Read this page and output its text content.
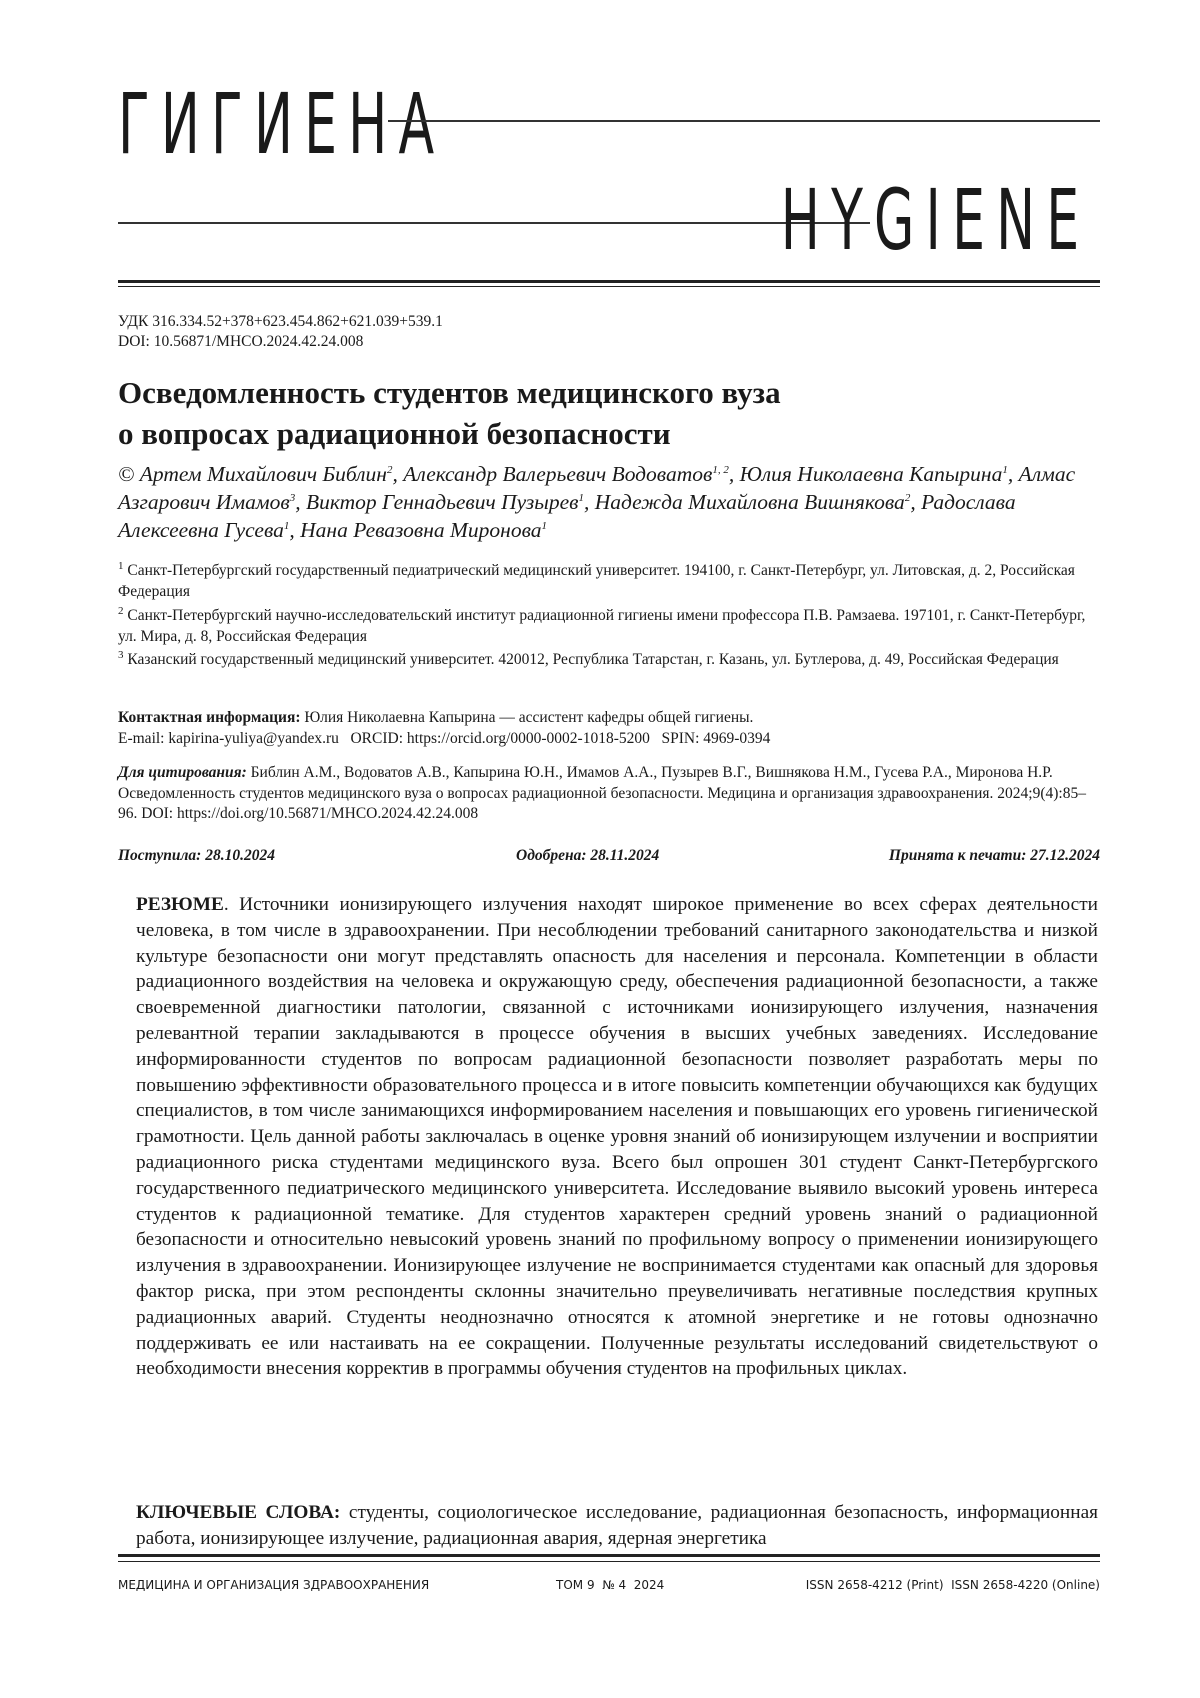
ГИГИЕНА
HYGIENE
УДК 316.334.52+378+623.454.862+621.039+539.1
DOI: 10.56871/MHCO.2024.42.24.008
Осведомленность студентов медицинского вуза
о вопросах радиационной безопасности

© Артем Михайлович Библин$^2$, Александр Валерьевич Водоватов$^{1, 2}$, Юлия Николаевна Капырина$^1$, Алмас Азгарович Имамов$^3$, Виктор Геннадьевич Пузырев$^1$, Надежда Михайловна Вишнякова$^2$, Радослава Алексеевна Гусева$^1$, Нана Ревазовна Миронова$^1$

$^1$ Санкт-Петербургский государственный педиатрический медицинский университет. 194100, г. Санкт-Петербург, ул. Литовская, д. 2, Российская Федерация

$^2$ Санкт-Петербургский научно-исследовательский институт радиационной гигиены имени профессора П.В. Рамзаева. 197101, г. Санкт-Петербург, ул. Мира, д. 8, Российская Федерация

$^3$ Казанский государственный медицинский университет. 420012, Республика Татарстан, г. Казань, ул. Бутлерова, д. 49, Российская Федерация

Контактная информация: Юлия Николаевна Капырина — ассистент кафедры общей гигиены.
E-mail: kapirina-yuliya@yandex.ru   ORCID: https://orcid.org/0000-0002-1018-5200   SPIN: 4969-0394
Для цитирования: Библин А.М., Водоватов А.В., Капырина Ю.Н., Имамов А.А., Пузырев В.Г., Вишнякова Н.М., Гусева Р.А., Миронова Н.Р. Осведомленность студентов медицинского вуза о вопросах радиационной безопасности. Медицина и организация здравоохранения. 2024;9(4):85–96. DOI: https://doi.org/10.56871/MHCO.2024.42.24.008
Поступила: 28.10.2024	Одобрена: 28.11.2024	Принята к печати: 27.12.2024

РЕЗЮМЕ. Источники ионизирующего излучения находят широкое применение во всех сферах деятельности человека, в том числе в здравоохранении. При несоблюдении требований санитарного законодательства и низкой культуре безопасности они могут представлять опасность для населения и персонала. Компетенции в области радиационного воздействия на человека и окружающую среду, обеспечения радиационной безопасности, а также своевременной диагностики патологии, связанной с источниками ионизирующего излучения, назначения релевантной терапии закладываются в процессе обучения в высших учебных заведениях. Исследование информированности студентов по вопросам радиационной безопасности позволяет разработать меры по повышению эффективности образовательного процесса и в итоге повысить компетенции обучающихся как будущих специалистов, в том числе занимающихся информированием населения и повышающих его уровень гигиенической грамотности. Цель данной работы заключалась в оценке уровня знаний об ионизирующем излучении и восприятии радиационного риска студентами медицинского вуза. Всего был опрошен 301 студент Санкт-Петербургского государственного педиатрического медицинского университета. Исследование выявило высокий уровень интереса студентов к радиационной тематике. Для студентов характерен средний уровень знаний о радиационной безопасности и относительно невысокий уровень знаний по профильному вопросу о применении ионизирующего излучения в здравоохранении. Ионизирующее излучение не воспринимается студентами как опасный для здоровья фактор риска, при этом респонденты склонны значительно преувеличивать негативные последствия крупных радиационных аварий. Студенты неоднозначно относятся к атомной энергетике и не готовы однозначно поддерживать ее или настаивать на ее сокращении. Полученные результаты исследований свидетельствуют о необходимости внесения корректив в программы обучения студентов на профильных циклах.

КЛЮЧЕВЫЕ СЛОВА: студенты, социологическое исследование, радиационная безопасность, информационная работа, ионизирующее излучение, радиационная авария, ядерная энергетика

МЕДИЦИНА И ОРГАНИЗАЦИЯ ЗДРАВООХРАНЕНИЯ	ТОМ 9  № 4  2024	ISSN 2658-4212 (Print)  ISSN 2658-4220 (Online)
